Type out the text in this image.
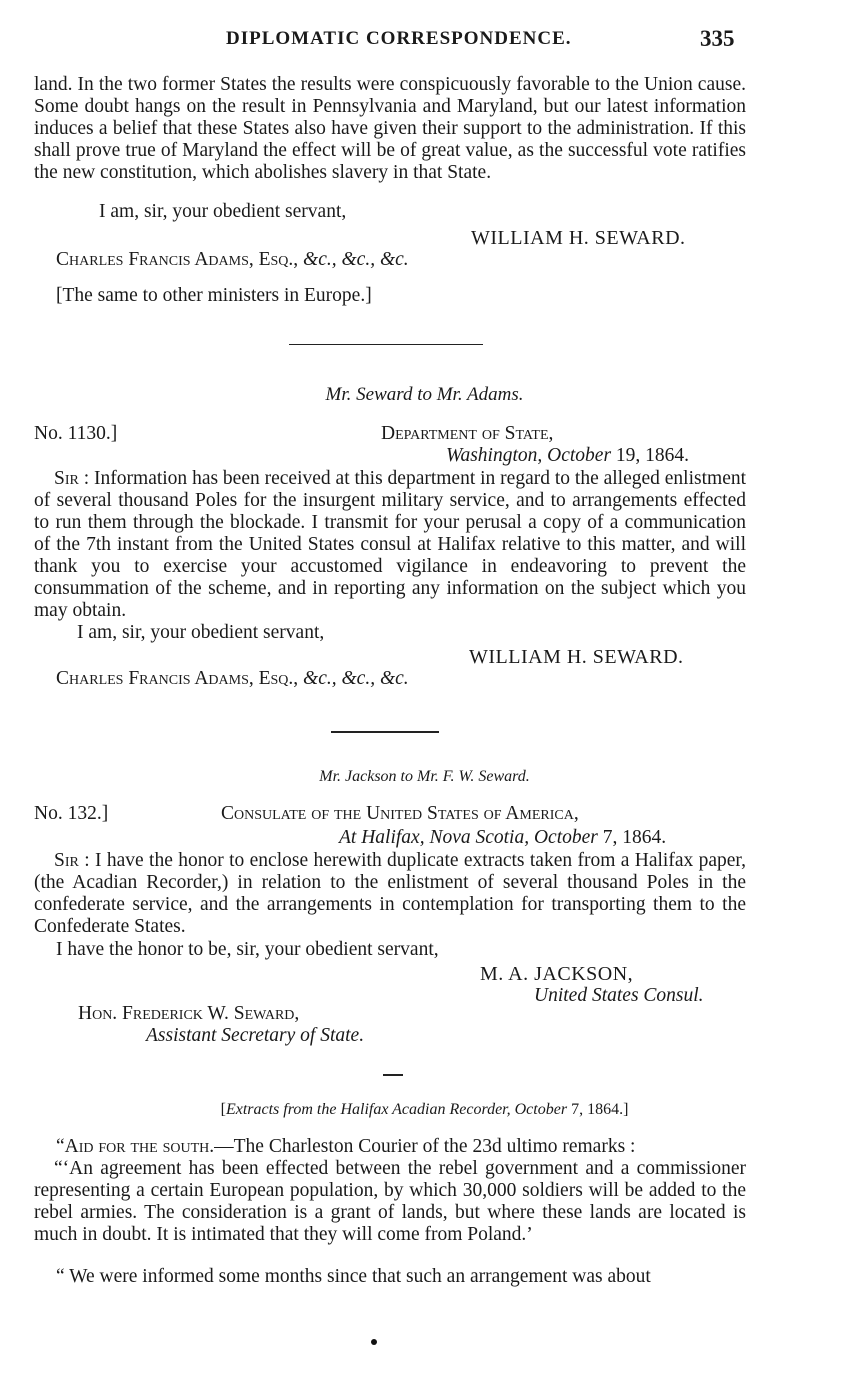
DIPLOMATIC CORRESPONDENCE.	335

land. In the two former States the results were conspicuously favorable to the Union cause. Some doubt hangs on the result in Pennsylvania and Maryland, but our latest information induces a belief that these States also have given their support to the administration. If this shall prove true of Maryland the effect will be of great value, as the successful vote ratifies the new constitution, which abolishes slavery in that State.

I am, sir, your obedient servant,
WILLIAM H. SEWARD.
Charles Francis Adams, Esq., &c., &c., &c.
[The same to other ministers in Europe.]
Mr. Seward to Mr. Adams.
No. 1130.]	Department of State,
Washington, October 19, 1864.

Sir : Information has been received at this department in regard to the alleged enlistment of several thousand Poles for the insurgent military service, and to arrangements effected to run them through the blockade. I transmit for your perusal a copy of a communication of the 7th instant from the United States consul at Halifax relative to this matter, and will thank you to exercise your accustomed vigilance in endeavoring to prevent the consummation of the scheme, and in reporting any information on the subject which you may obtain.

I am, sir, your obedient servant,
WILLIAM H. SEWARD.
Charles Francis Adams, Esq., &c., &c., &c.
Mr. Jackson to Mr. F. W. Seward.
No. 132.]	Consulate of the United States of America,
At Halifax, Nova Scotia, October 7, 1864.

Sir : I have the honor to enclose herewith duplicate extracts taken from a Halifax paper, (the Acadian Recorder,) in relation to the enlistment of several thousand Poles in the confederate service, and the arrangements in contemplation for transporting them to the Confederate States.

I have the honor to be, sir, your obedient servant,
M. A. JACKSON,
United States Consul.
Hon. Frederick W. Seward,
Assistant Secretary of State.
[Extracts from the Halifax Acadian Recorder, October 7, 1864.]
“Aid for the south.—The Charleston Courier of the 23d ultimo remarks :

“‘An agreement has been effected between the rebel government and a commissioner representing a certain European population, by which 30,000 soldiers will be added to the rebel armies. The consideration is a grant of lands, but where these lands are located is much in doubt. It is intimated that they will come from Poland.’

“ We were informed some months since that such an arrangement was about
